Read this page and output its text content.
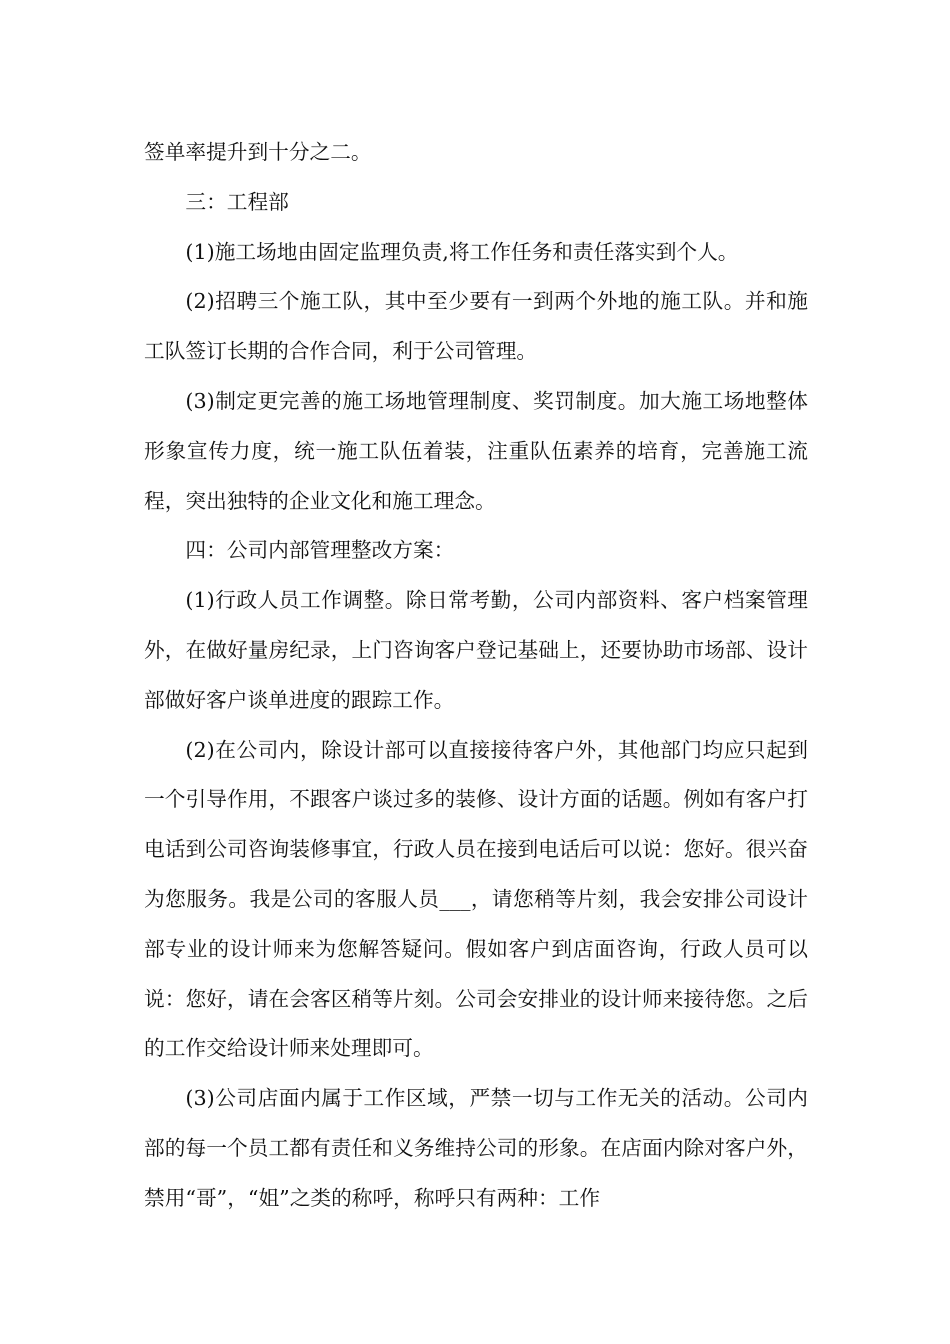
签单率提升到十分之二。

三：工程部

(1)施工场地由固定监理负责,将工作任务和责任落实到个人。

(2)招聘三个施工队，其中至少要有一到两个外地的施工队。并和施工队签订长期的合作合同，利于公司管理。

(3)制定更完善的施工场地管理制度、奖罚制度。加大施工场地整体形象宣传力度，统一施工队伍着装，注重队伍素养的培育，完善施工流程，突出独特的企业文化和施工理念。

四：公司内部管理整改方案：

(1)行政人员工作调整。除日常考勤，公司内部资料、客户档案管理外，在做好量房纪录，上门咨询客户登记基础上，还要协助市场部、设计部做好客户谈单进度的跟踪工作。

(2)在公司内，除设计部可以直接接待客户外，其他部门均应只起到一个引导作用，不跟客户谈过多的装修、设计方面的话题。例如有客户打电话到公司咨询装修事宜，行政人员在接到电话后可以说：您好。很兴奋为您服务。我是公司的客服人员___，请您稍等片刻，我会安排公司设计部专业的设计师来为您解答疑问。假如客户到店面咨询，行政人员可以说：您好，请在会客区稍等片刻。公司会安排业的设计师来接待您。之后的工作交给设计师来处理即可。

(3)公司店面内属于工作区域，严禁一切与工作无关的活动。公司内部的每一个员工都有责任和义务维持公司的形象。在店面内除对客户外，禁用“哥”，“姐”之类的称呼，称呼只有两种：工作
